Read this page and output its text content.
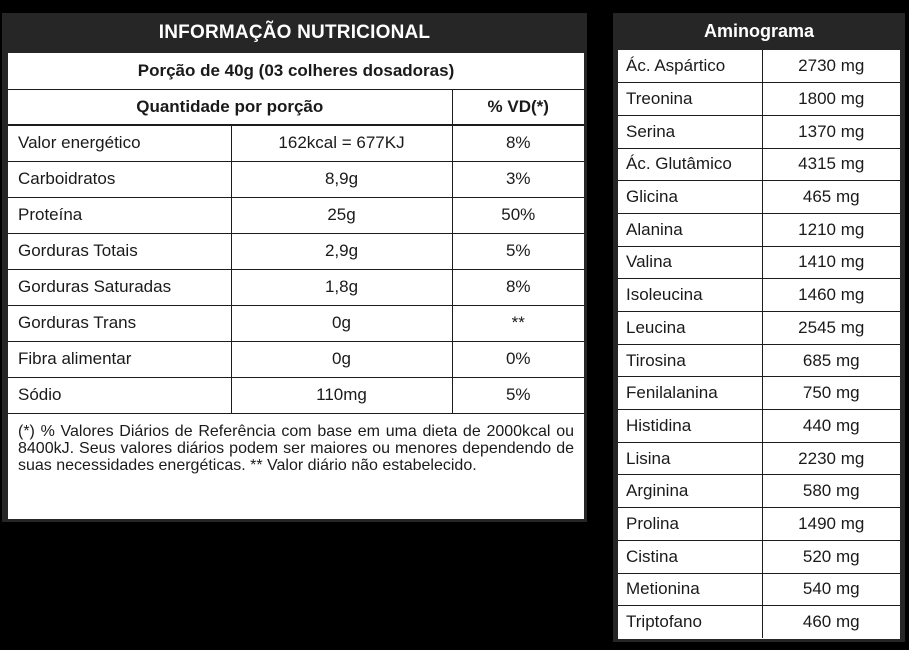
INFORMAÇÃO NUTRICIONAL
Porção de 40g (03 colheres dosadoras)		
Quantidade por porção		% VD(*)
Valor energético	162kcal = 677KJ	8%
Carboidratos	8,9g	3%
Proteína	25g	50%
Gorduras Totais	2,9g	5%
Gorduras Saturadas	1,8g	8%
Gorduras Trans	0g	**
Fibra alimentar	0g	0%
Sódio	110mg	5%
(*) % Valores Diários de Referência com base em uma dieta de 2000kcal ou 8400kJ. Seus valores diários podem ser maiores ou menores dependendo de suas necessidades energéticas. ** Valor diário não estabelecido.
Aminograma
Ác. Aspártico	2730 mg
Treonina	1800 mg
Serina	1370 mg
Ác. Glutâmico	4315 mg
Glicina	465 mg
Alanina	1210 mg
Valina	1410 mg
Isoleucina	1460 mg
Leucina	2545 mg
Tirosina	685 mg
Fenilalanina	750 mg
Histidina	440 mg
Lisina	2230 mg
Arginina	580 mg
Prolina	1490 mg
Cistina	520 mg
Metionina	540 mg
Triptofano	460 mg
